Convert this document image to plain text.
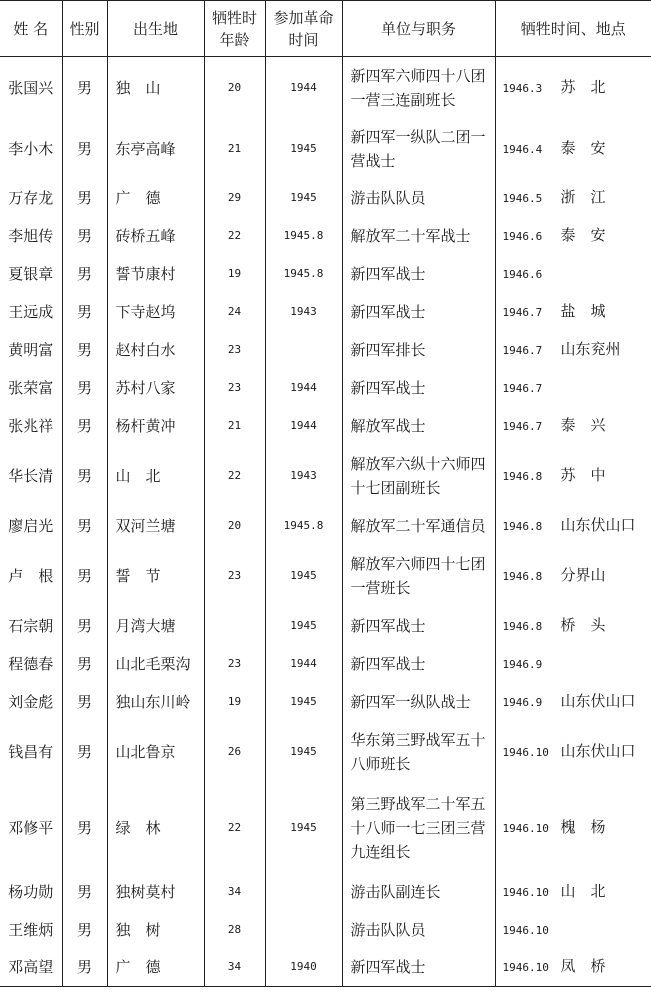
姓 名	性别	出生地	牺牲时年龄	参加革命时间	单位与职务	牺牲时间、地点
张国兴	男	独　山	20	1944	新四军六师四十八团一营三连副班长	1946.3 苏　北
李小木	男	东亭高峰	21	1945	新四军一纵队二团一营战士	1946.4 泰　安
万存龙	男	广　德	29	1945	游击队队员	1946.5 浙　江
李旭传	男	砖桥五峰	22	1945.8	解放军二十军战士	1946.6 泰　安
夏银章	男	誓节康村	19	1945.8	新四军战士	1946.6
王远成	男	下寺赵坞	24	1943	新四军战士	1946.7 盐　城
黄明富	男	赵村白水	23		新四军排长	1946.7 山东兖州
张荣富	男	苏村八家	23	1944	新四军战士	1946.7
张兆祥	男	杨杆黄冲	21	1944	解放军战士	1946.7 泰　兴
华长清	男	山　北	22	1943	解放军六纵十六师四十七团副班长	1946.8 苏　中
廖启光	男	双河兰塘	20	1945.8	解放军二十军通信员	1946.8 山东伏山口
卢　根	男	誓　节	23	1945	解放军六师四十七团一营班长	1946.8 分界山
石宗朝	男	月湾大塘		1945	新四军战士	1946.8 桥　头
程德春	男	山北毛栗沟	23	1944	新四军战士	1946.9
刘金彪	男	独山东川岭	19	1945	新四军一纵队战士	1946.9 山东伏山口
钱昌有	男	山北鲁京	26	1945	华东第三野战军五十八师班长	1946.10 山东伏山口
邓修平	男	绿　林	22	1945	第三野战军二十军五十八师一七三团三营九连组长	1946.10 槐　杨
杨功勋	男	独树莫村	34		游击队副连长	1946.10 山　北
王维炳	男	独　树	28		游击队队员	1946.10
邓高望	男	广　德	34	1940	新四军战士	1946.10 凤　桥
